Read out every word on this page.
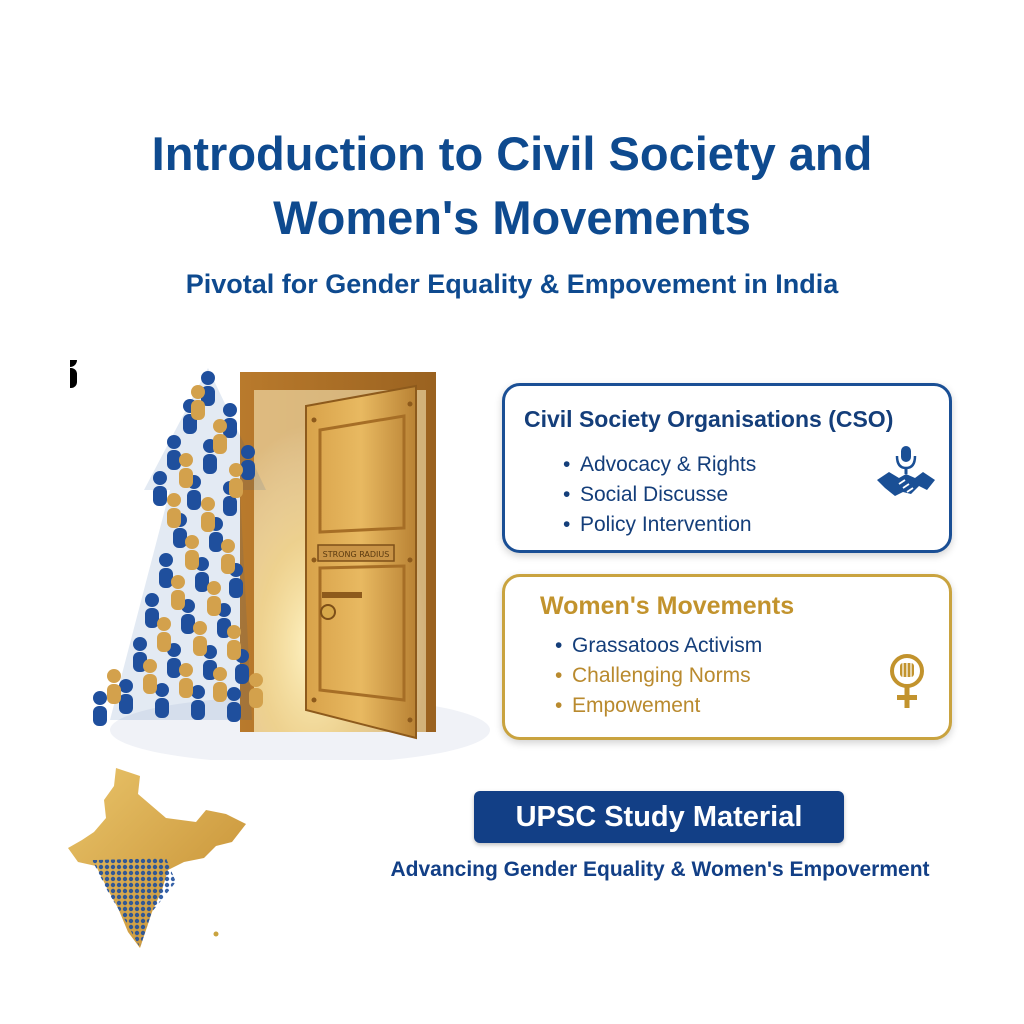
Introduction to Civil Society and
Women's Movements
Pivotal for Gender Equality & Empovement in India
STRONG RADIUS
Civil Society Organisations (CSO)
• Advocacy & Rights
• Social Discusse
• Policy Intervention
Women's Movements
• Grassatoos Activism
• Challenging Norms
• Empowement
UPSC Study Material
Advancing Gender Equality & Women's Empoverment
